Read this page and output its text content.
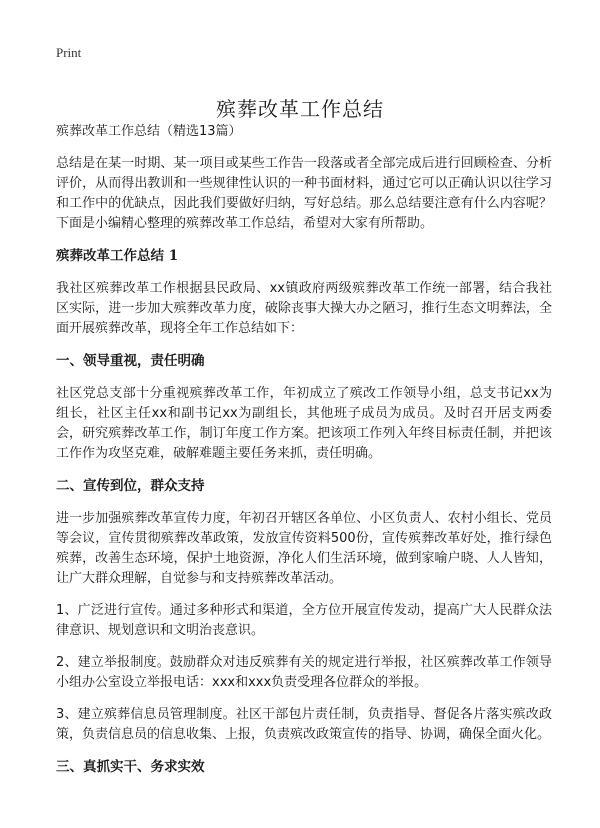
Print
殡葬改革工作总结

殡葬改革工作总结（精选13篇）

总结是在某一时期、某一项目或某些工作告一段落或者全部完成后进行回顾检查、分析评价，从而得出教训和一些规律性认识的一种书面材料，通过它可以正确认识以往学习和工作中的优缺点，因此我们要做好归纳，写好总结。那么总结要注意有什么内容呢？下面是小编精心整理的殡葬改革工作总结，希望对大家有所帮助。

殡葬改革工作总结 1

我社区殡葬改革工作根据县民政局、xx镇政府两级殡葬改革工作统一部署，结合我社区实际，进一步加大殡葬改革力度，破除丧事大操大办之陋习，推行生态文明葬法，全面开展殡葬改革，现将全年工作总结如下：

一、领导重视，责任明确

社区党总支部十分重视殡葬改革工作，年初成立了殡改工作领导小组，总支书记xx为组长，社区主任xx和副书记xx为副组长，其他班子成员为成员。及时召开居支两委会，研究殡葬改革工作，制订年度工作方案。把该项工作列入年终目标责任制，并把该工作作为攻坚克难，破解难题主要任务来抓，责任明确。

二、宣传到位，群众支持

进一步加强殡葬改革宣传力度，年初召开辖区各单位、小区负责人、农村小组长、党员等会议，宣传贯彻殡葬改革政策，发放宣传资料500份，宣传殡葬改革好处，推行绿色殡葬，改善生态环境，保护土地资源，净化人们生活环境，做到家喻户晓、人人皆知，让广大群众理解，自觉参与和支持殡葬改革活动。

1、广泛进行宣传。通过多种形式和渠道，全方位开展宣传发动，提高广大人民群众法律意识、规划意识和文明治丧意识。

2、建立举报制度。鼓励群众对违反殡葬有关的规定进行举报，社区殡葬改革工作领导小组办公室设立举报电话：xxx和xxx负责受理各位群众的举报。

3、建立殡葬信息员管理制度。社区干部包片责任制，负责指导、督促各片落实殡改政策，负责信息员的信息收集、上报，负责殡改政策宣传的指导、协调，确保全面火化。

三、真抓实干、务求实效
